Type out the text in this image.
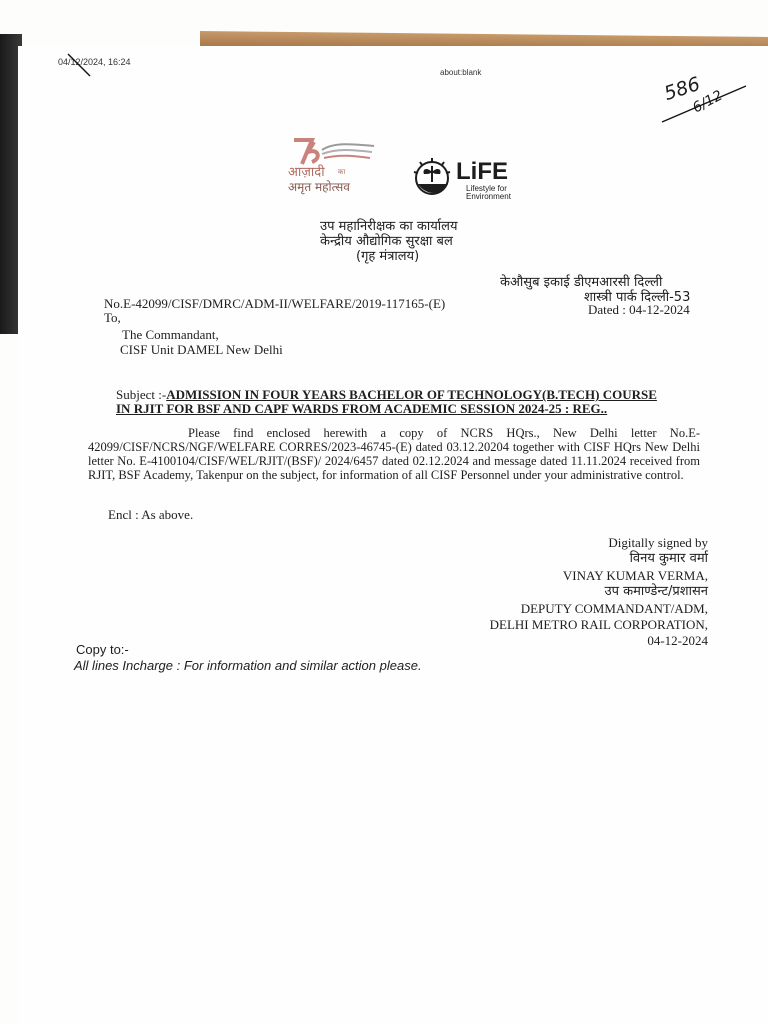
04/12/2024, 16:24
about:blank
586
6/12
आज़ादी का
अमृत महोत्सव
LiFE
Lifestyle for
Environment
उप महानिरीक्षक का कार्यालय
केन्द्रीय औद्योगिक सुरक्षा बल
(गृह मंत्रालय)
केऔसुब इकाई डीएमआरसी दिल्ली
शास्त्री पार्क दिल्ली-53
Dated : 04-12-2024
No.E-42099/CISF/DMRC/ADM-II/WELFARE/2019-117165-(E)
To,
The Commandant,
CISF Unit DAMEL New Delhi
Subject :-ADMISSION IN FOUR YEARS BACHELOR OF TECHNOLOGY(B.TECH) COURSE
IN RJIT FOR BSF AND CAPF WARDS FROM ACADEMIC SESSION 2024-25 : REG..

Please find enclosed herewith a copy of NCRS HQrs., New Delhi letter No.E-42099/CISF/NCRS/NGF/WELFARE CORRES/2023-46745-(E) dated 03.12.20204 together with CISF HQrs New Delhi letter No. E-4100104/CISF/WEL/RJIT/(BSF)/ 2024/6457 dated 02.12.2024 and message dated 11.11.2024 received from RJIT, BSF Academy, Takenpur on the subject, for information of all CISF Personnel under your administrative control.

Encl : As above.
Digitally signed by
विनय कुमार वर्मा
VINAY KUMAR VERMA,
उप कमाण्डेन्ट/प्रशासन
DEPUTY COMMANDANT/ADM,
DELHI METRO RAIL CORPORATION,
04-12-2024
Copy to:-
All lines Incharge : For information and similar action please.
